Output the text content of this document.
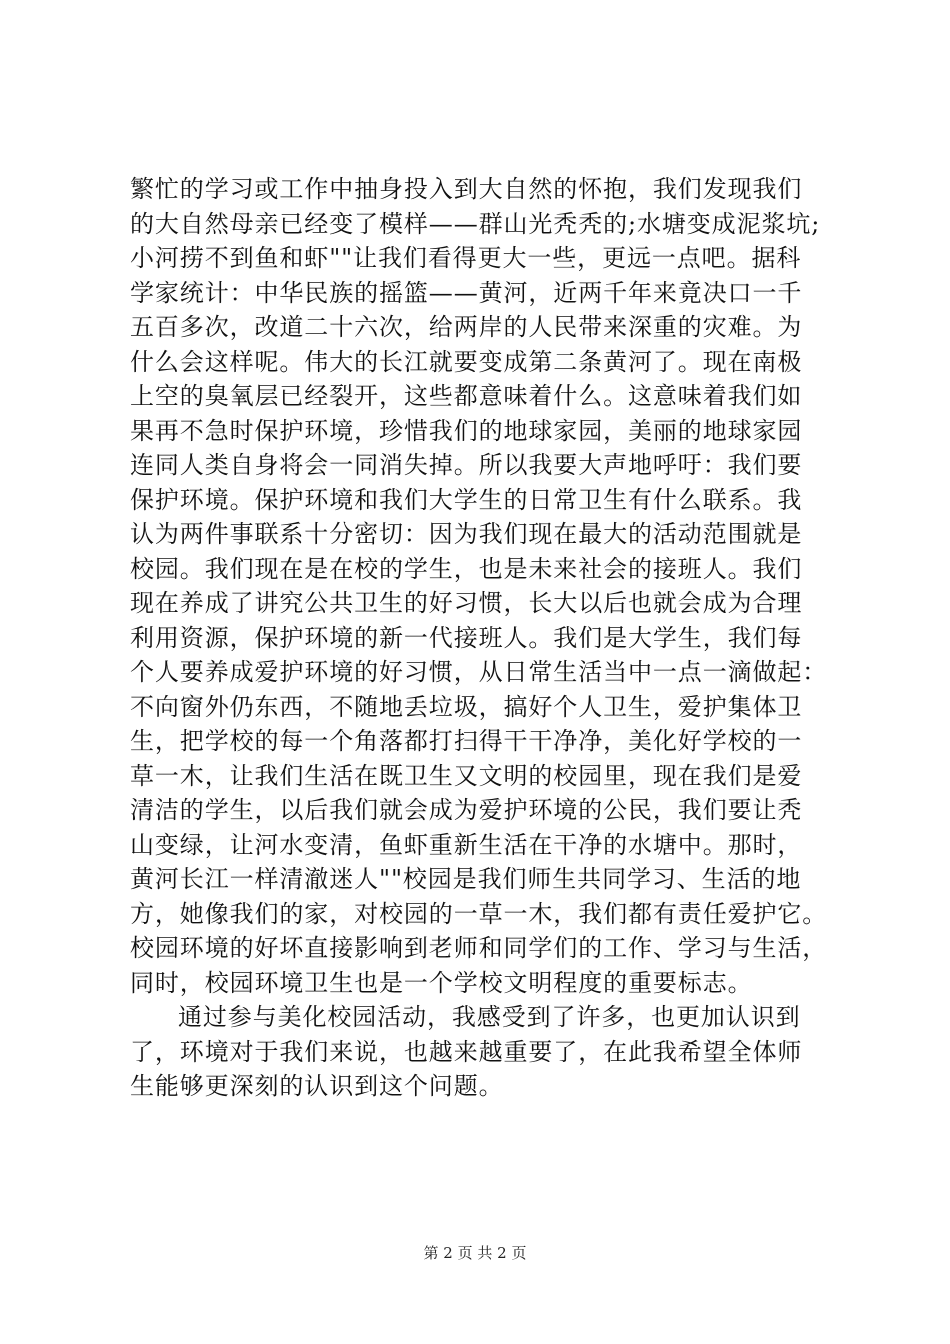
繁忙的学习或工作中抽身投入到大自然的怀抱，我们发现我们
的大自然母亲已经变了模样——群山光秃秃的;水塘变成泥浆坑;
小河捞不到鱼和虾""让我们看得更大一些，更远一点吧。据科
学家统计：中华民族的摇篮——黄河，近两千年来竟决口一千
五百多次，改道二十六次，给两岸的人民带来深重的灾难。为
什么会这样呢。伟大的长江就要变成第二条黄河了。现在南极
上空的臭氧层已经裂开，这些都意味着什么。这意味着我们如
果再不急时保护环境，珍惜我们的地球家园，美丽的地球家园
连同人类自身将会一同消失掉。所以我要大声地呼吁：我们要
保护环境。保护环境和我们大学生的日常卫生有什么联系。我
认为两件事联系十分密切：因为我们现在最大的活动范围就是
校园。我们现在是在校的学生，也是未来社会的接班人。我们
现在养成了讲究公共卫生的好习惯，长大以后也就会成为合理
利用资源，保护环境的新一代接班人。我们是大学生，我们每
个人要养成爱护环境的好习惯，从日常生活当中一点一滴做起：
不向窗外仍东西，不随地丢垃圾，搞好个人卫生，爱护集体卫
生，把学校的每一个角落都打扫得干干净净，美化好学校的一
草一木，让我们生活在既卫生又文明的校园里，现在我们是爱
清洁的学生，以后我们就会成为爱护环境的公民，我们要让秃
山变绿，让河水变清，鱼虾重新生活在干净的水塘中。那时，
黄河长江一样清澈迷人""校园是我们师生共同学习、生活的地
方，她像我们的家，对校园的一草一木，我们都有责任爱护它。
校园环境的好坏直接影响到老师和同学们的工作、学习与生活，
同时，校园环境卫生也是一个学校文明程度的重要标志。
通过参与美化校园活动，我感受到了许多，也更加认识到
了，环境对于我们来说，也越来越重要了，在此我希望全体师
生能够更深刻的认识到这个问题。
第 2 页 共 2 页
